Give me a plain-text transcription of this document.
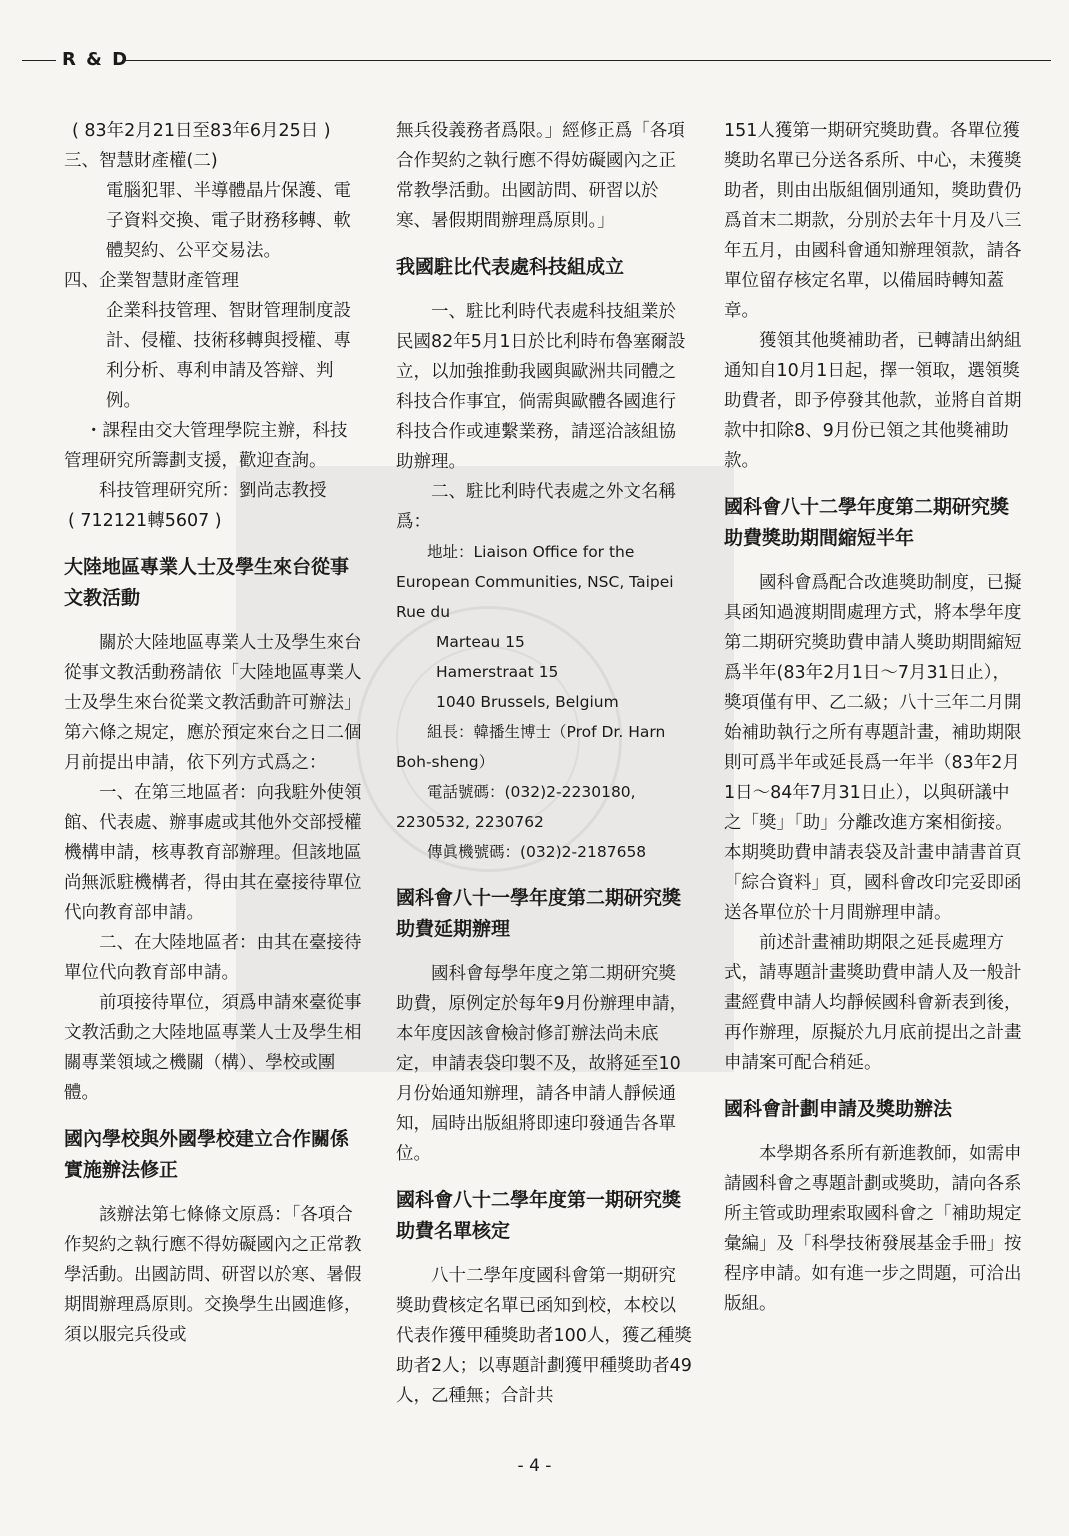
R & D

( 83年2月21日至83年6月25日 )

三、智慧財產權(二)

電腦犯罪、半導體晶片保護、電子資料交換、電子財務移轉、軟體契約、公平交易法。

四、企業智慧財產管理

企業科技管理、智財管理制度設計、侵權、技術移轉與授權、專利分析、專利申請及答辯、判例。

・課程由交大管理學院主辦，科技管理研究所籌劃支援，歡迎查詢。

科技管理研究所：劉尚志教授

( 712121轉5607 )

大陸地區專業人士及學生來台從事文教活動

關於大陸地區專業人士及學生來台從事文教活動務請依「大陸地區專業人士及學生來台從業文教活動許可辦法」第六條之規定，應於預定來台之日二個月前提出申請，依下列方式爲之：

一、在第三地區者：向我駐外使領館、代表處、辦事處或其他外交部授權機構申請，核專教育部辦理。但該地區尚無派駐機構者，得由其在臺接待單位代向教育部申請。

二、在大陸地區者：由其在臺接待單位代向教育部申請。

前項接待單位，須爲申請來臺從事文教活動之大陸地區專業人士及學生相關專業領域之機關（構）、學校或團體。

國內學校與外國學校建立合作關係實施辦法修正

該辦法第七條條文原爲：「各項合作契約之執行應不得妨礙國內之正常教學活動。出國訪問、研習以於寒、暑假期間辦理爲原則。交換學生出國進修，須以服完兵役或

無兵役義務者爲限。」經修正爲「各項合作契約之執行應不得妨礙國內之正常教學活動。出國訪問、研習以於寒、暑假期間辦理爲原則。」

我國駐比代表處科技組成立

一、駐比利時代表處科技組業於民國82年5月1日於比利時布魯塞爾設立，以加強推動我國與歐洲共同體之科技合作事宜，倘需與歐體各國進行科技合作或連繫業務，請逕洽該組協助辦理。

二、駐比利時代表處之外文名稱爲：

地址：Liaison Office for the European Communities, NSC, Taipei Rue du

Marteau 15

Hamerstraat 15

1040 Brussels, Belgium

組長：韓播生博士（Prof Dr. Harn Boh-sheng）

電話號碼：(032)2-2230180, 2230532, 2230762

傳眞機號碼：(032)2-2187658

國科會八十一學年度第二期研究獎助費延期辦理

國科會每學年度之第二期研究獎助費，原例定於每年9月份辦理申請，本年度因該會檢討修訂辦法尚未底定，申請表袋印製不及，故將延至10月份始通知辦理，請各申請人靜候通知，屆時出版組將即速印發通告各單位。

國科會八十二學年度第一期研究獎助費名單核定

八十二學年度國科會第一期研究獎助費核定名單已函知到校，本校以代表作獲甲種獎助者100人，獲乙種獎助者2人；以專題計劃獲甲種獎助者49人，乙種無；合計共

151人獲第一期研究獎助費。各單位獲獎助名單已分送各系所、中心，未獲獎助者，則由出版組個別通知，獎助費仍爲首末二期款，分別於去年十月及八三年五月，由國科會通知辦理領款，請各單位留存核定名單，以備屆時轉知蓋章。

獲領其他獎補助者，已轉請出納組通知自10月1日起，擇一領取，選領獎助費者，即予停發其他款，並將自首期款中扣除8、9月份已領之其他獎補助款。

國科會八十二學年度第二期研究獎助費獎助期間縮短半年

國科會爲配合改進獎助制度，已擬具函知過渡期間處理方式，將本學年度第二期研究獎助費申請人獎助期間縮短爲半年(83年2月1日～7月31日止），獎項僅有甲、乙二級；八十三年二月開始補助執行之所有專題計畫，補助期限則可爲半年或延長爲一年半（83年2月1日～84年7月31日止），以與研議中之「獎」「助」分離改進方案相銜接。本期獎助費申請表袋及計畫申請書首頁「綜合資料」頁，國科會改印完妥即函送各單位於十月間辦理申請。

前述計畫補助期限之延長處理方式，請專題計畫獎助費申請人及一般計畫經費申請人均靜候國科會新表到後，再作辦理，原擬於九月底前提出之計畫申請案可配合稍延。

國科會計劃申請及獎助辦法

本學期各系所有新進教師，如需申請國科會之專題計劃或獎助，請向各系所主管或助理索取國科會之「補助規定彙編」及「科學技術發展基金手冊」按程序申請。如有進一步之問題，可洽出版組。

- 4 -
